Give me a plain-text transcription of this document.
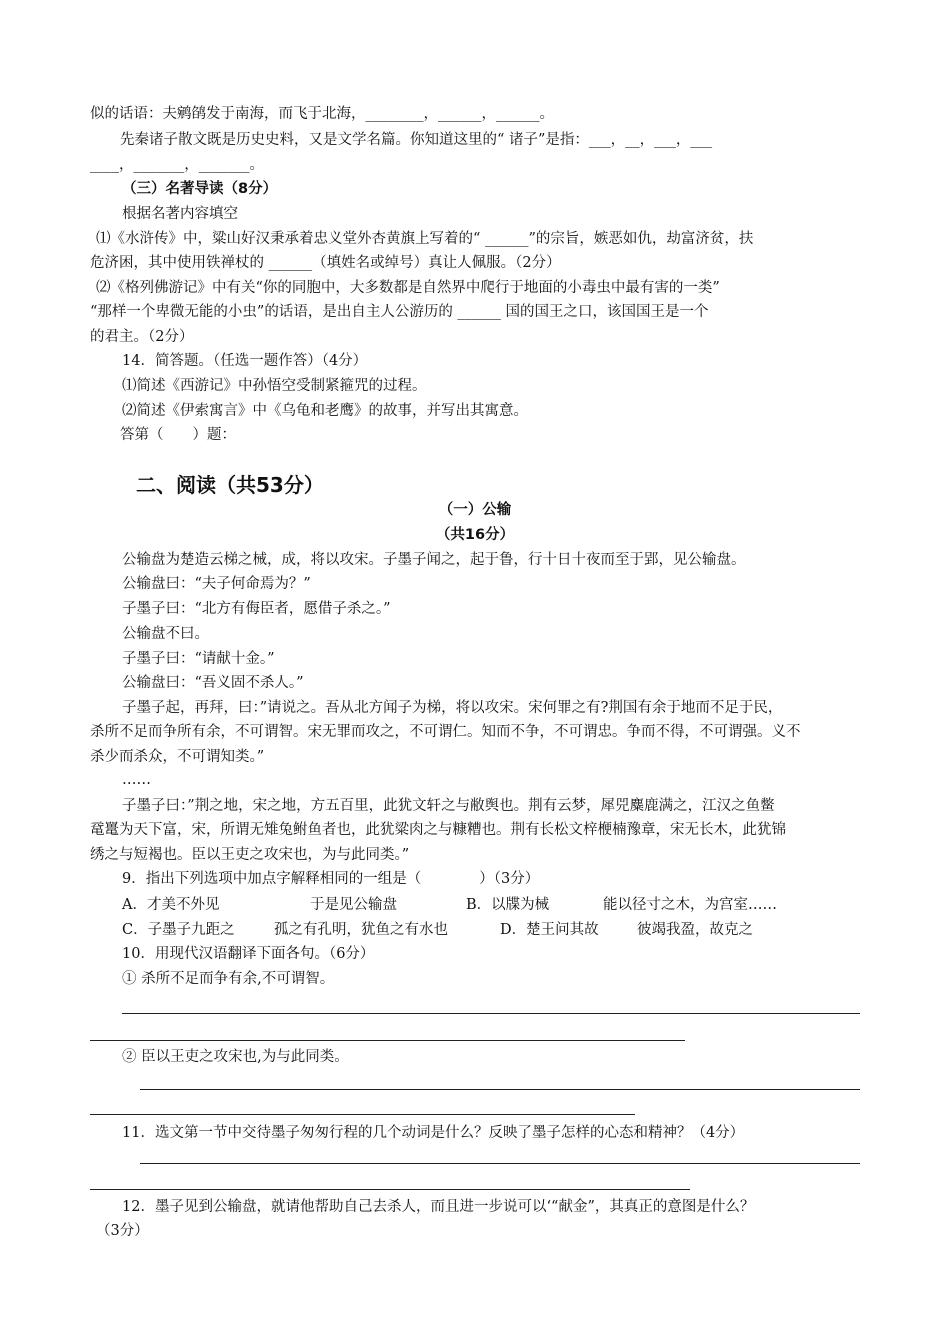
似的话语：夫鹓鹐发于南海，而飞于北海，________，______，______。
先秦诸子散文既是历史史料，又是文学名篇。你知道这里的“ 诸子”是指：___，__，___，___
____，_______，_______。
（三）名著导读（8分）
根据名著内容填空
⑴《水浒传》中，粱山好汉秉承着忠义堂外杏黄旗上写着的“ ______”的宗旨，嫉恶如仇，劫富济贫，扶
危济困，其中使用铁禅杖的 ______（填姓名或绰号）真让人佩服。（2分）
⑵《格列佛游记》中有关“你的同胞中，大多数都是自然界中爬行于地面的小毒虫中最有害的一类”
“那样一个卑微无能的小虫”的话语，是出自主人公游历的 ______ 国的国王之口，该国国王是一个
的君主。（2分）
14．简答题。（任选一题作答）（4分）
⑴简述《西游记》中孙悟空受制紧箍咒的过程。
⑵简述《伊索寓言》中《乌龟和老鹰》的故事，并写出其寓意。
答第（　　）题：
二、阅读（共53分）
（一）公输
（共16分）
公输盘为楚造云梯之械，成，将以攻宋。子墨子闻之，起于鲁，行十日十夜而至于郢，见公输盘。
公输盘曰：“夫子何命焉为？”
子墨子曰：“北方有侮臣者，愿借子杀之。”
公输盘不曰。
子墨子曰：“请献十金。”
公输盘曰：“吾义固不杀人。”
子墨子起，再拜，曰：”请说之。吾从北方闻子为梯，将以攻宋。宋何罪之有?荆国有余于地而不足于民，
杀所不足而争所有余，不可谓智。宋无罪而攻之，不可谓仁。知而不争，不可谓忠。争而不得，不可谓强。义不
杀少而杀众，不可谓知类。”
……
子墨子曰：”荆之地，宋之地，方五百里，此犹文轩之与敝舆也。荆有云梦，犀兕麋鹿满之，江汉之鱼鳖
鼋鼍为天下富，宋，所谓无雉兔鲋鱼者也，此犹粱肉之与糠糟也。荆有长松文梓楩楠豫章，宋无长木，此犹锦
绣之与短褐也。臣以王吏之攻宋也，为与此同类。”
9．指出下列选项中加点字解释相同的一组是（　　　　）（3分）
A．才美不外见	于是见公输盘	B．以牒为械	能以径寸之木，为宫室……
C．子墨子九距之	孤之有孔明，犹鱼之有水也	D．楚王问其故	彼竭我盈，故克之
10．用现代汉语翻译下面各句。（6分）
① 杀所不足而争有余,不可谓智。
② 臣以王吏之攻宋也,为与此同类。
11．选文第一节中交待墨子匆匆行程的几个动词是什么？反映了墨子怎样的心态和精神？（4分）
12．墨子见到公输盘，就请他帮助自己去杀人，而且进一步说可以‘“献金”，其真正的意图是什么？
（3分）
